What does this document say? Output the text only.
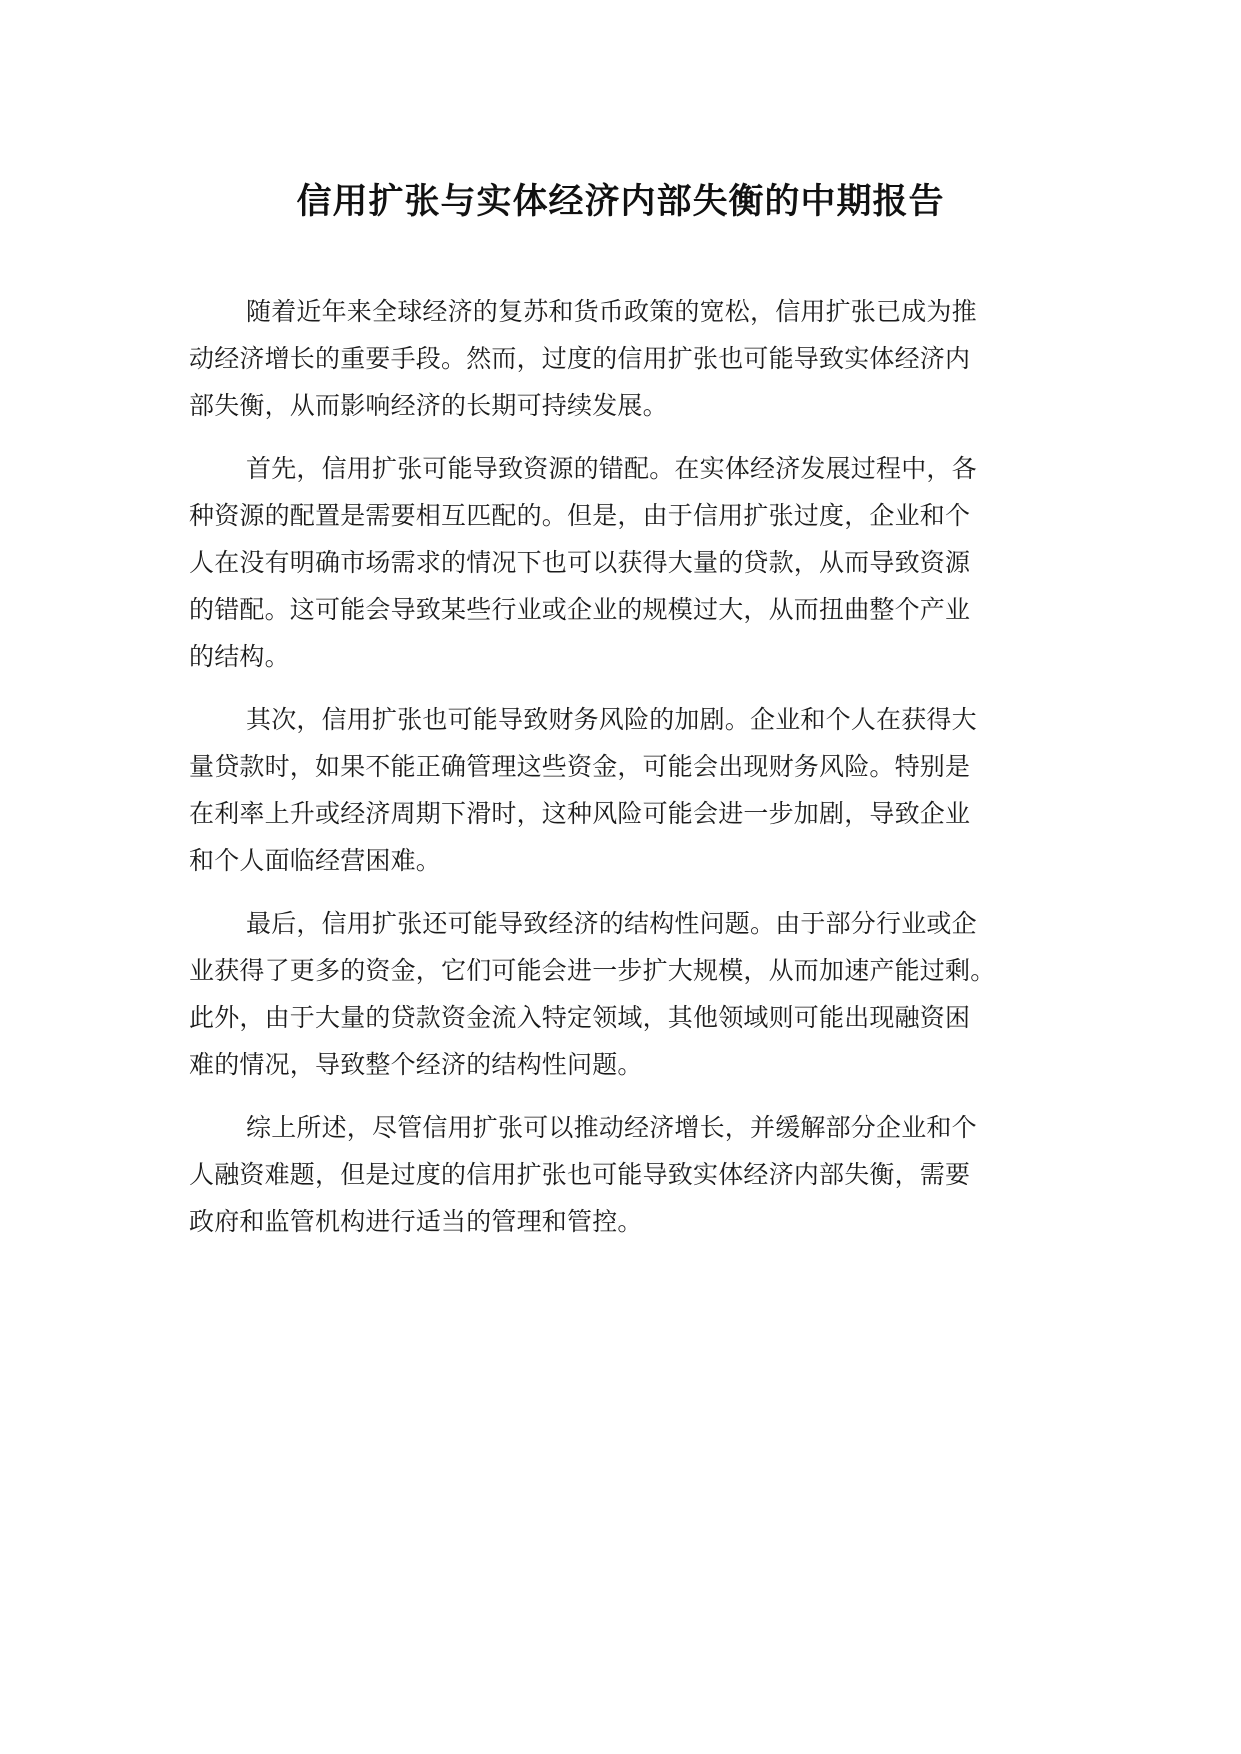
信用扩张与实体经济内部失衡的中期报告

随着近年来全球经济的复苏和货币政策的宽松，信用扩张已成为推
动经济增长的重要手段。然而，过度的信用扩张也可能导致实体经济内
部失衡，从而影响经济的长期可持续发展。

首先，信用扩张可能导致资源的错配。在实体经济发展过程中，各
种资源的配置是需要相互匹配的。但是，由于信用扩张过度，企业和个
人在没有明确市场需求的情况下也可以获得大量的贷款，从而导致资源
的错配。这可能会导致某些行业或企业的规模过大，从而扭曲整个产业
的结构。

其次，信用扩张也可能导致财务风险的加剧。企业和个人在获得大
量贷款时，如果不能正确管理这些资金，可能会出现财务风险。特别是
在利率上升或经济周期下滑时，这种风险可能会进一步加剧，导致企业
和个人面临经营困难。

最后，信用扩张还可能导致经济的结构性问题。由于部分行业或企
业获得了更多的资金，它们可能会进一步扩大规模，从而加速产能过剩。
此外，由于大量的贷款资金流入特定领域，其他领域则可能出现融资困
难的情况，导致整个经济的结构性问题。

综上所述，尽管信用扩张可以推动经济增长，并缓解部分企业和个
人融资难题，但是过度的信用扩张也可能导致实体经济内部失衡，需要
政府和监管机构进行适当的管理和管控。
